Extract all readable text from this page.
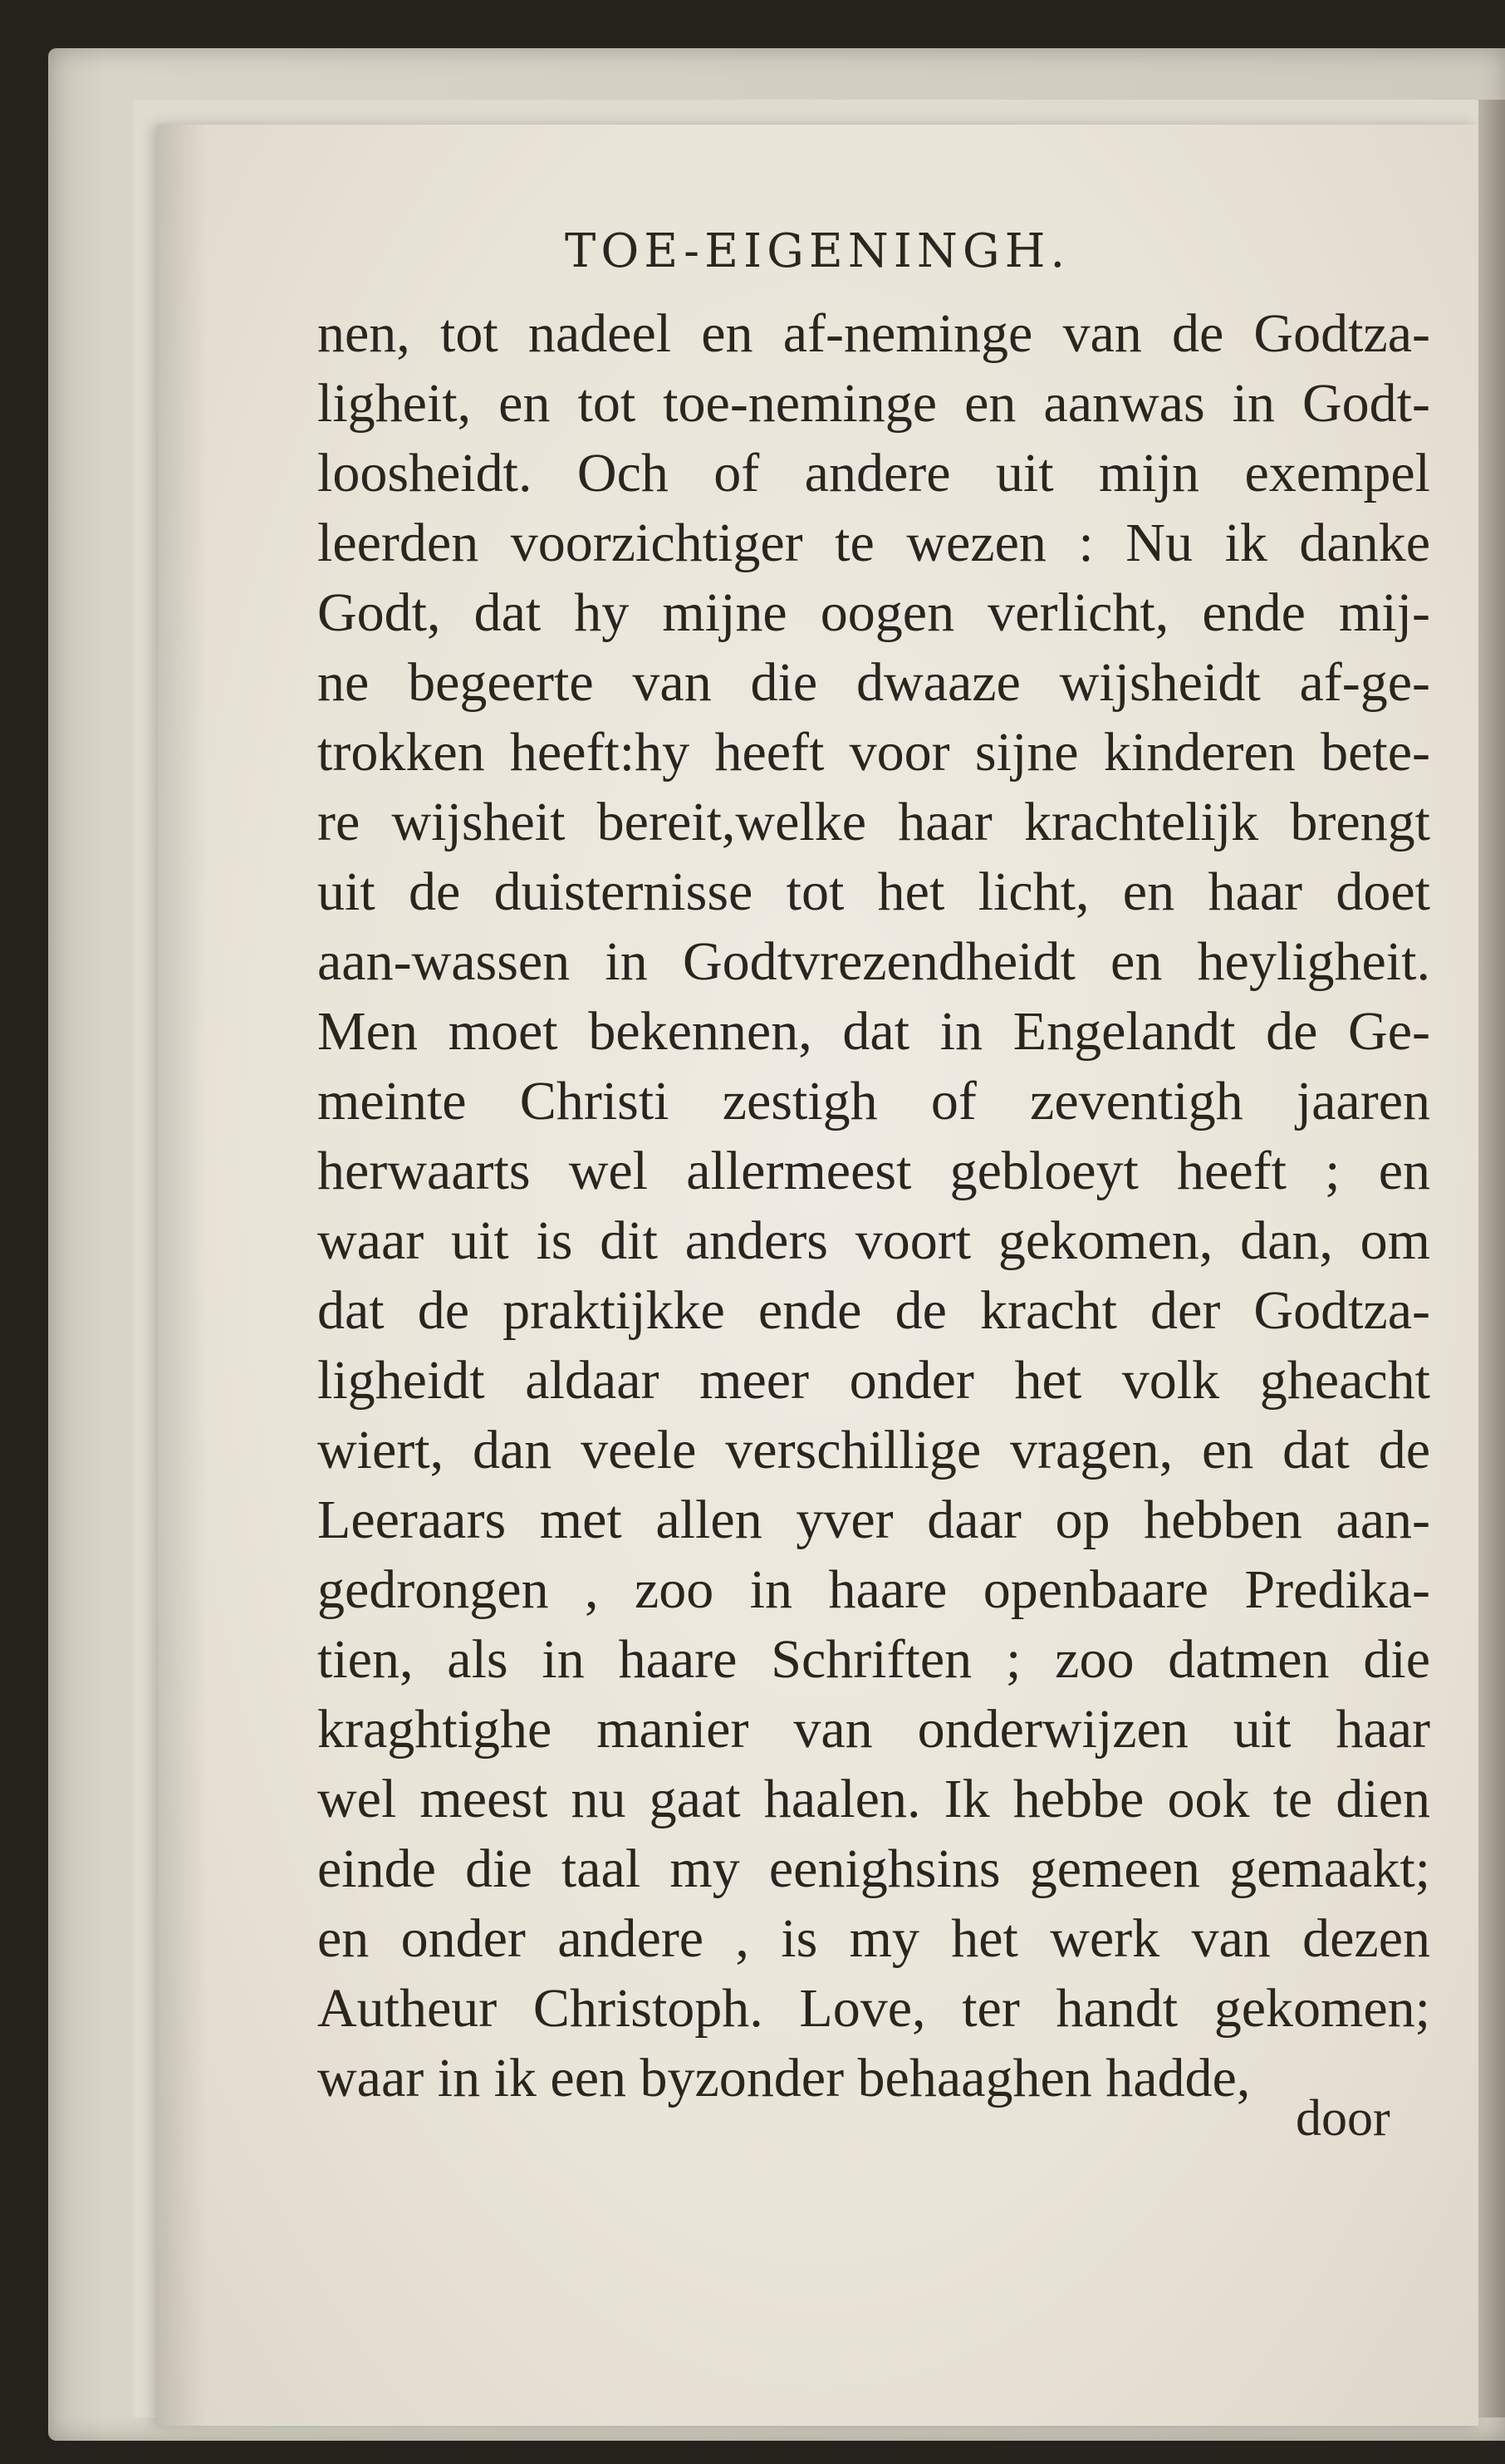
TOE-EIGENINGH.
nen, tot nadeel en af-neminge van de Godtza-
ligheit, en tot toe-neminge en aanwas in Godt-
loosheidt. Och of andere uit mijn exempel
leerden voorzichtiger te wezen : Nu ik danke
Godt, dat hy mijne oogen verlicht, ende mij-
ne begeerte van die dwaaze wijsheidt af-ge-
trokken heeft:hy heeft voor sijne kinderen bete-
re wijsheit bereit,welke haar krachtelijk brengt
uit de duisternisse tot het licht, en haar doet
aan-wassen in Godtvrezendheidt en heyligheit.
Men moet bekennen, dat in Engelandt de Ge-
meinte Christi zestigh of zeventigh jaaren
herwaarts wel allermeest gebloeyt heeft ; en
waar uit is dit anders voort gekomen, dan, om
dat de praktijkke ende de kracht der Godtza-
ligheidt aldaar meer onder het volk gheacht
wiert, dan veele verschillige vragen, en dat de
Leeraars met allen yver daar op hebben aan-
gedrongen , zoo in haare openbaare Predika-
tien, als in haare Schriften ; zoo datmen die
kraghtighe manier van onderwijzen uit haar
wel meest nu gaat haalen. Ik hebbe ook te dien
einde die taal my eenighsins gemeen gemaakt;
en onder andere , is my het werk van dezen
Autheur Christoph. Love, ter handt gekomen;
waar in ik een byzonder behaaghen hadde,
door
